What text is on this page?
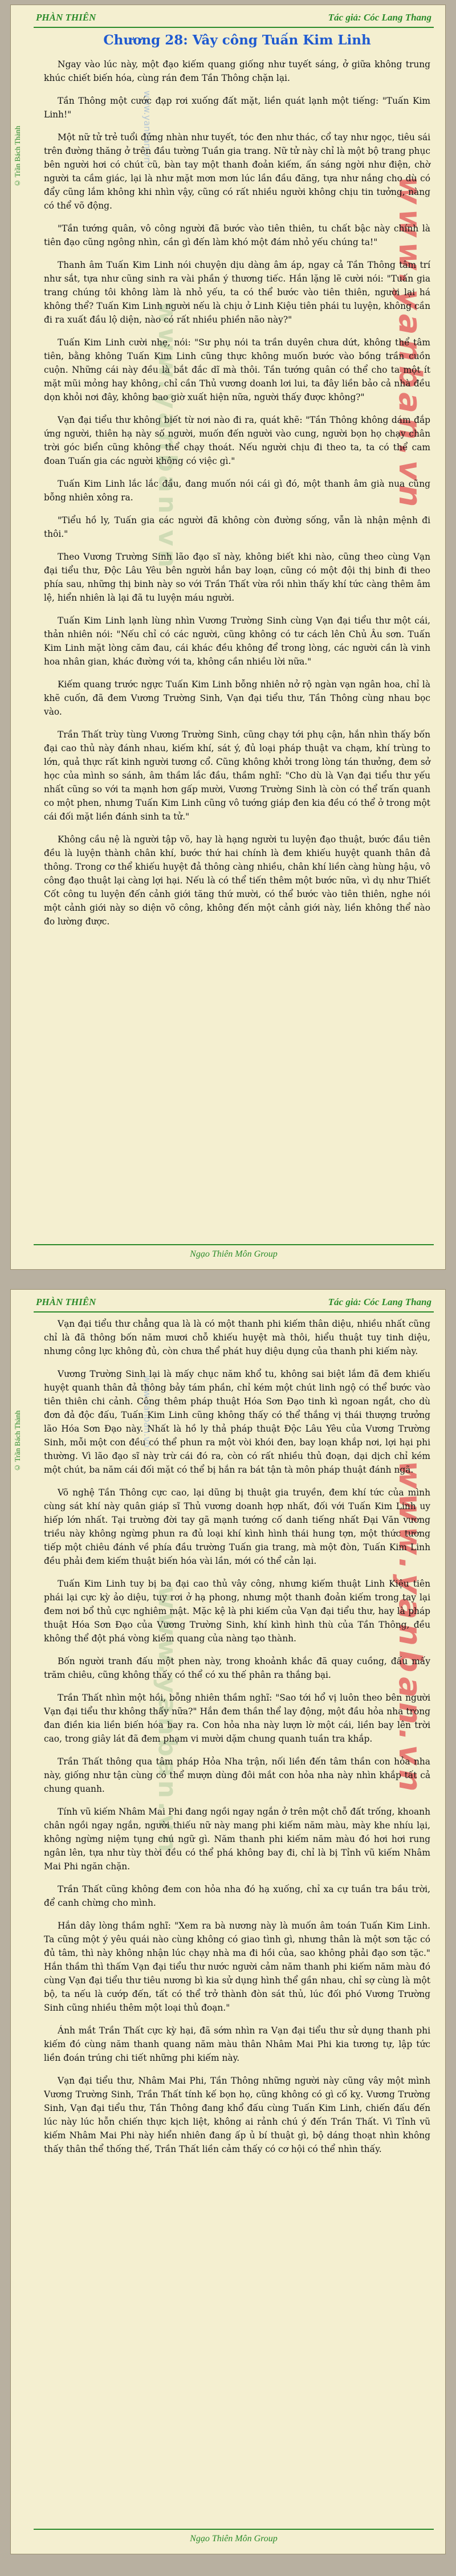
PHÀN THIÊN	Tác giả: Cóc Lang Thang
© Trần Bách Thành
www.yanban.vn
www.yanban.vn
www.yanban.vn
Chương 28: Vây công Tuấn Kim Linh

Ngay vào lúc này, một đạo kiếm quang giống như tuyết sáng, ở giữa không trung khúc chiết biến hóa, cùng rán đem Tần Thông chặn lại.

Tần Thông một cước đạp rơi xuống đất mặt, liền quát lạnh một tiếng: "Tuấn Kim Linh!"

Một nữ tử trẻ tuổi đứng nhàn như tuyết, tóc đen như thác, cổ tay như ngọc, tiêu sái trên đường thăng ở trên đầu tường Tuần gia trang. Nữ tử này chỉ là một bộ trang phục bên người hơi có chút cũ, bàn tay một thanh đoản kiếm, ấn sáng ngời như điện, chờ người ta cầm giác, lại là như mặt mơn mơn lúc lần đầu đăng, tựa như nắng cho dù có đẩy cũng lắm không khi nhìn vậy, cũng có rất nhiều người không chịu tin tưởng, nàng có thể võ động.

"Tần tướng quân, vô công người đã bước vào tiên thiên, tu chất bậc này chính là tiên đạo cũng ngông nhìn, cần gì đến làm khó một đám nhỏ yếu chúng ta!"

Thanh âm Tuấn Kim Linh nói chuyện dịu dàng âm áp, ngay cả Tần Thông tâm trí như sắt, tựa như cũng sinh ra vài phần ý thương tiếc. Hắn lặng lẽ cười nói: "Tuấn gia trang chúng tôi không làm là nhỏ yếu, ta có thể bước vào tiên thiên, người lại há không thể? Tuấn Kim Linh người nếu là chịu ở Linh Kiệu tiên phái tu luyện, không cần đi ra xuất đầu lộ diện, nào có rất nhiều phiền não này?"

Tuấn Kim Linh cười nhẹ, nói: "Sư phụ nói ta trần duyên chưa dứt, không thể tâm tiên, bằng không Tuấn Kim Linh cũng thực không muốn bước vào bồng trần cuồn cuộn. Những cái này đều là bắt đắc dĩ mà thôi. Tần tướng quân có thể cho ta một ít mặt mũi mỏng hay không, chỉ cần Thủ vương doanh lơi lui, ta đây liền bảo cả nhà đều dọn khỏi nơi đây, không bao giờ xuất hiện nữa, người thấy được không?"

Vạn đại tiểu thư không biết từ nơi nào đi ra, quát khẽ: "Tần Thông không dám đắp ứng người, thiên hạ này số người, muốn đến người vào cung, người bọn họ chạy chân trời góc biển cũng không thể chạy thoát. Nếu người chịu đi theo ta, ta có thể cam đoan Tuấn gia các người không có việc gì."

Tuấn Kim Linh lắc lắc đầu, đang muốn nói cái gì đó, một thanh âm già nua cũng bỗng nhiên xông ra.

"Tiểu hồ ly, Tuấn gia các người đã không còn đường sống, vẫn là nhận mệnh đi thôi."

Theo Vương Trường Sinh lão đạo sĩ này, không biết khi nào, cũng theo cùng Vạn đại tiểu thư, Độc Lâu Yêu bên người hắn bay loạn, cũng có một đội thị binh đi theo phía sau, những thị binh này so với Trần Thất vừa rồi nhìn thấy khí tức càng thêm âm lệ, hiển nhiên là lại đã tu luyện máu người.

Tuấn Kim Linh lạnh lùng nhìn Vương Trường Sinh cùng Vạn đại tiểu thư một cái, thản nhiên nói: "Nếu chỉ có các người, cũng không có tư cách lên Chủ Âu sơn. Tuấn Kim Linh mặt lòng căm đau, cái khác đều không để trong lòng, các người cần là vinh hoa nhân gian, khác đường với ta, không cần nhiều lời nữa."

Kiếm quang trước ngực Tuấn Kim Linh bỗng nhiên nở rộ ngàn vạn ngân hoa, chỉ là khẽ cuốn, đã đem Vương Trường Sinh, Vạn đại tiểu thư, Tần Thông cùng nhau bọc vào.

Trần Thất trùy tùng Vương Trường Sinh, cũng chạy tới phụ cận, hắn nhìn thấy bốn đại cao thủ này đánh nhau, kiếm khí, sát ý, đủ loại pháp thuật va chạm, khí trùng to lớn, quả thực rất kinh người tương cổ. Cũng không khởi trong lòng tán thưởng, đem sở học của mình so sánh, âm thầm lắc đầu, thầm nghĩ: "Cho dù là Vạn đại tiểu thư yếu nhất cũng so với ta mạnh hơn gấp mười, Vương Trường Sinh là còn có thể trấn quanh co một phen, nhưng Tuấn Kim Linh cũng vô tướng giáp đen kia đều có thể ở trong một cái đối mặt liền đánh sinh ta tử."

Không cầu nệ là người tập võ, hay là hạng người tu luyện đạo thuật, bước đầu tiên đều là luyện thành chân khí, bước thứ hai chính là đem khiếu huyệt quanh thân đả thông. Trong cơ thể khiếu huyệt đả thông càng nhiều, chân khí liền càng hùng hậu, vô công đạo thuật lại càng lợi hại. Nếu là có thể tiến thêm một bước nữa, vì dụ như Thiết Cốt công tu luyện đến cảnh giới tăng thứ mười, có thể bước vào tiên thiên, nghe nói một cảnh giới này so diện võ công, không đến một cảnh giới này, liền không thể nào đo lường được.

Ngạo Thiên Môn Group
PHÀN THIÊN	Tác giả: Cóc Lang Thang
© Trần Bách Thành
www.yanban.vn
www.yanban.vn
www.yanban.vn

Vạn đại tiểu thư chẳng qua là là có một thanh phi kiếm thân diệu, nhiều nhất cũng chỉ là đã thông bốn năm mươi chỗ khiếu huyệt mà thôi, hiểu thuật tuy tinh diệu, nhưng công lực không đủ, còn chưa thể phát huy diệu dụng của thanh phi kiếm này.

Vương Trường Sinh lại là mấy chục năm khổ tu, không sai biệt lắm đã đem khiếu huyệt quanh thân đả thông bảy tám phần, chỉ kém một chút linh ngộ có thể bước vào tiên thiên chi cảnh. Công thêm pháp thuật Hóa Sơn Đạo tinh kì ngoan ngắt, cho dù đơn đả độc đấu, Tuấn Kim Linh cũng không thấy có thể thắng vị thái thượng trưởng lão Hóa Sơn Đạo này. Nhất là hồ ly thả pháp thuật Độc Lâu Yêu của Vương Trường Sinh, mỗi một con đều có thể phun ra một vòi khói đen, bay loạn khắp nơi, lợi hại phi thường. Vì lão đạo sĩ này trừ cái đó ra, còn có rất nhiều thủ đoạn, dại dịch chỉ kém một chút, ba năm cái đối mặt có thể bị hắn ra bát tận tà môn pháp thuật đánh ngã.

Võ nghệ Tần Thông cực cao, lại dũng bị thuật gia truyền, đem khí tức của mình cùng sát khí này quân giáp sĩ Thủ vương doanh hợp nhất, đối với Tuấn Kim Linh uy hiếp lớn nhất. Tại trường đời tay gã mạnh tướng cố danh tiếng nhất Đại Văn vương triều này không ngừng phun ra đủ loại khí kình hình thái hung tợn, một thức tương tiếp một chiêu đánh về phía đầu trường Tuấn gia trang, mà một đòn, Tuấn Kim Linh đều phải đem kiếm thuật biến hóa vài lần, mới có thể cản lại.

Tuấn Kim Linh tuy bị ba đại cao thủ vây công, nhưng kiếm thuật Linh Kiệu tiên phái lại cực kỳ ảo diệu, tuy rơi ở hạ phong, nhưng một thanh đoản kiếm trong tay lại đem nơi bổ thủ cực nghiêm mật. Mặc kệ là phi kiếm của Vạn đại tiểu thư, hay là pháp thuật Hóa Sơn Đạo của Vương Trường Sinh, khí kình hình thù của Tần Thông, đều không thể đột phá vòng kiếm quang của nàng tạo thành.

Bốn người tranh đấu một phen này, trong khoảnh khắc đã quay cuồng, đấu mấy trăm chiêu, cũng không thấy có thể có xu thế phân ra thắng bại.

Trần Thất nhìn một hồi, bỗng nhiên thầm nghĩ: "Sao tới hổ vị luôn theo bên người Vạn đại tiểu thư không thấy nữa?" Hắn đem thần thể lay động, một đầu hỏa nha trong đan điền kia liền biến hóa bay ra. Con hỏa nha này lượn lờ một cái, liền bay lên trời cao, trong giây lát đã đem phạm vi mười dặm chung quanh tuần tra khắp.

Trần Thất thông qua tâm pháp Hỏa Nha trận, nối liền đến tâm thần con hỏa nha này, giống như tận cùng có thể mượn dùng đôi mắt con hỏa nha này nhìn khắp tất cả chung quanh.

Tính vũ kiếm Nhâm Mai Phi đang ngồi ngay ngắn ở trên một chỗ đất trống, khoanh chân ngồi ngay ngắn, người thiếu nữ này mang phi kiếm năm màu, mày khe nhíu lại, không ngừng niệm tụng chú ngữ gì. Năm thanh phi kiếm năm màu đó hơi hơi rung ngân lên, tựa như tùy thời đều có thể phá không bay đi, chỉ là bị Tỉnh vũ kiếm Nhâm Mai Phi ngăn chặn.

Trần Thất cũng không đem con hỏa nha đó hạ xuống, chỉ xa cự tuần tra bầu trời, để canh chừng cho mình.

Hắn dây lòng thầm nghĩ: "Xem ra bà nương này là muốn âm toán Tuấn Kim Linh. Ta cũng một ý yêu quái nào cùng không có giao tình gì, nhưng thân là một sơn tặc có đủ tâm, thì này không nhận lúc chạy nhà ma đi hồi của, sao không phải đạo sơn tặc." Hắn thầm thì thấm Vạn đại tiểu thư nước người cảm năm thanh phi kiếm năm màu đó cùng Vạn đại tiểu thư tiêu nương bì kia sử dụng hình thể gần nhau, chỉ sợ cùng là một bộ, ta nếu là cướp đến, tất có thể trở thành đòn sát thủ, lúc đối phó Vương Trường Sinh cũng nhiều thêm một loại thủ đoạn."

Ánh mắt Trần Thất cực kỳ hại, đã sớm nhìn ra Vạn đại tiểu thư sử dụng thanh phi kiếm đó cùng năm thanh quang năm màu thân Nhâm Mai Phi kia tương tự, lập tức liền đoán trúng chi tiết những phi kiếm này.

Vạn đại tiểu thư, Nhâm Mai Phi, Tần Thông những người này cũng vây một mình Vương Trường Sinh, Trần Thất tính kế bọn họ, cũng không có gì cố kỵ. Vương Trường Sinh, Vạn đại tiểu thư, Tần Thông đang khổ đấu cùng Tuấn Kim Linh, chiến đấu đến lúc này lúc hỗn chiến thực kịch liệt, không ai rảnh chú ý đến Trần Thất. Vì Tỉnh vũ kiếm Nhâm Mai Phi này hiển nhiên đang ấp ủ bí thuật gì, bộ dáng thoạt nhìn không thấy thân thể thống thế, Trần Thất liền cảm thấy có cơ hội có thể nhìn thấy.

Ngạo Thiên Môn Group
